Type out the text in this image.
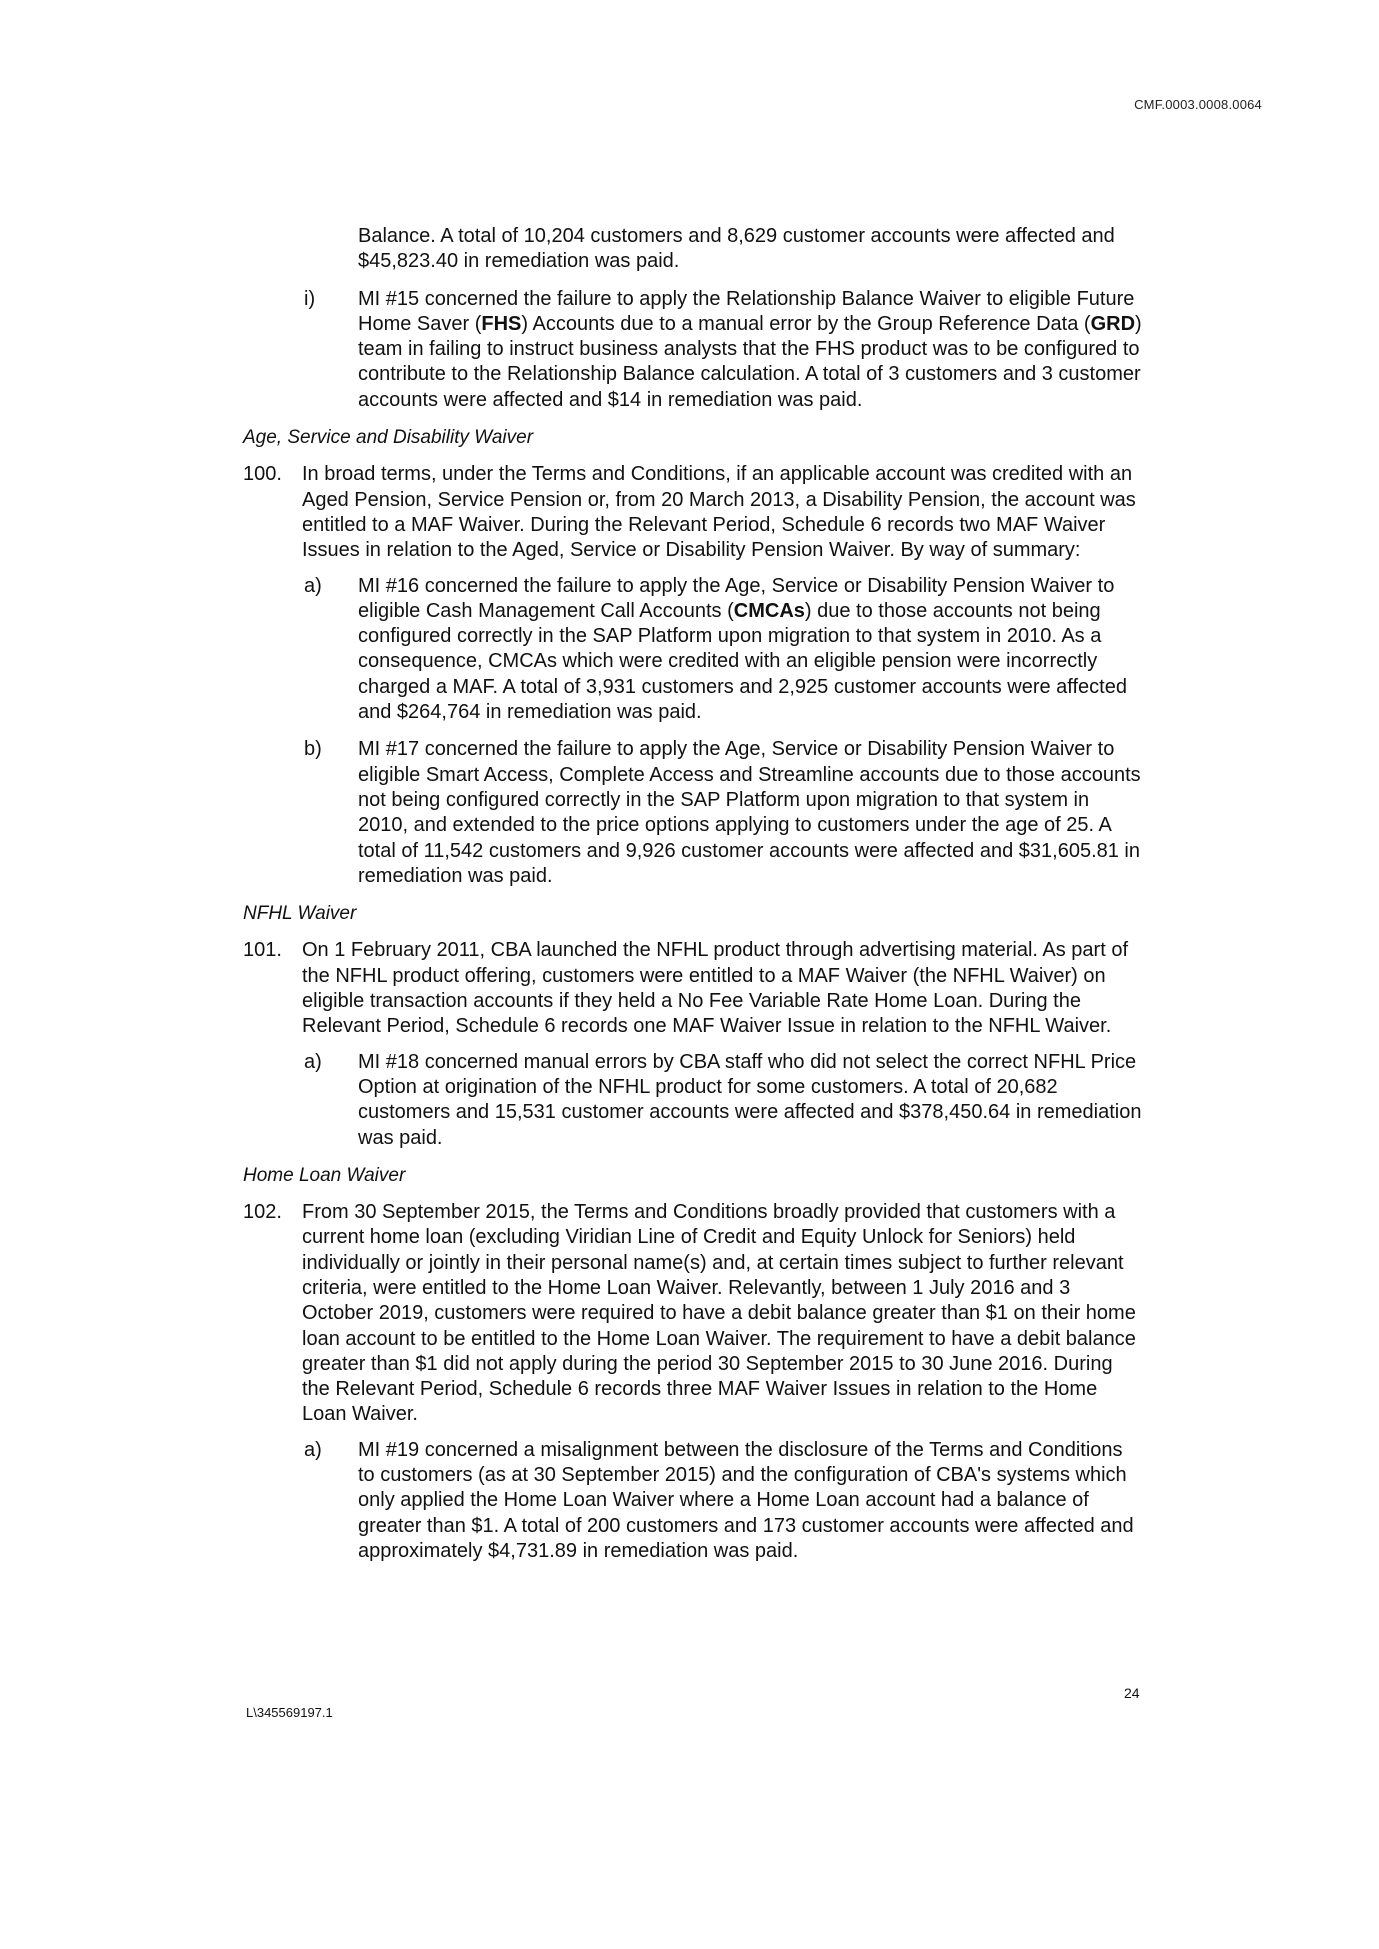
CMF.0003.0008.0064

Balance. A total of 10,204 customers and 8,629 customer accounts were affected and $45,823.40 in remediation was paid.

i) MI #15 concerned the failure to apply the Relationship Balance Waiver to eligible Future Home Saver (FHS) Accounts due to a manual error by the Group Reference Data (GRD) team in failing to instruct business analysts that the FHS product was to be configured to contribute to the Relationship Balance calculation. A total of 3 customers and 3 customer accounts were affected and $14 in remediation was paid.

Age, Service and Disability Waiver

100. In broad terms, under the Terms and Conditions, if an applicable account was credited with an Aged Pension, Service Pension or, from 20 March 2013, a Disability Pension, the account was entitled to a MAF Waiver. During the Relevant Period, Schedule 6 records two MAF Waiver Issues in relation to the Aged, Service or Disability Pension Waiver. By way of summary:
a) MI #16 concerned the failure to apply the Age, Service or Disability Pension Waiver to eligible Cash Management Call Accounts (CMCAs) due to those accounts not being configured correctly in the SAP Platform upon migration to that system in 2010. As a consequence, CMCAs which were credited with an eligible pension were incorrectly charged a MAF. A total of 3,931 customers and 2,925 customer accounts were affected and $264,764 in remediation was paid.
b) MI #17 concerned the failure to apply the Age, Service or Disability Pension Waiver to eligible Smart Access, Complete Access and Streamline accounts due to those accounts not being configured correctly in the SAP Platform upon migration to that system in 2010, and extended to the price options applying to customers under the age of 25. A total of 11,542 customers and 9,926 customer accounts were affected and $31,605.81 in remediation was paid.

NFHL Waiver

101. On 1 February 2011, CBA launched the NFHL product through advertising material. As part of the NFHL product offering, customers were entitled to a MAF Waiver (the NFHL Waiver) on eligible transaction accounts if they held a No Fee Variable Rate Home Loan. During the Relevant Period, Schedule 6 records one MAF Waiver Issue in relation to the NFHL Waiver.
a) MI #18 concerned manual errors by CBA staff who did not select the correct NFHL Price Option at origination of the NFHL product for some customers. A total of 20,682 customers and 15,531 customer accounts were affected and $378,450.64 in remediation was paid.

Home Loan Waiver

102. From 30 September 2015, the Terms and Conditions broadly provided that customers with a current home loan (excluding Viridian Line of Credit and Equity Unlock for Seniors) held individually or jointly in their personal name(s) and, at certain times subject to further relevant criteria, were entitled to the Home Loan Waiver. Relevantly, between 1 July 2016 and 3 October 2019, customers were required to have a debit balance greater than $1 on their home loan account to be entitled to the Home Loan Waiver. The requirement to have a debit balance greater than $1 did not apply during the period 30 September 2015 to 30 June 2016. During the Relevant Period, Schedule 6 records three MAF Waiver Issues in relation to the Home Loan Waiver.
a) MI #19 concerned a misalignment between the disclosure of the Terms and Conditions to customers (as at 30 September 2015) and the configuration of CBA's systems which only applied the Home Loan Waiver where a Home Loan account had a balance of greater than $1. A total of 200 customers and 173 customer accounts were affected and approximately $4,731.89 in remediation was paid.
24
L\345569197.1
